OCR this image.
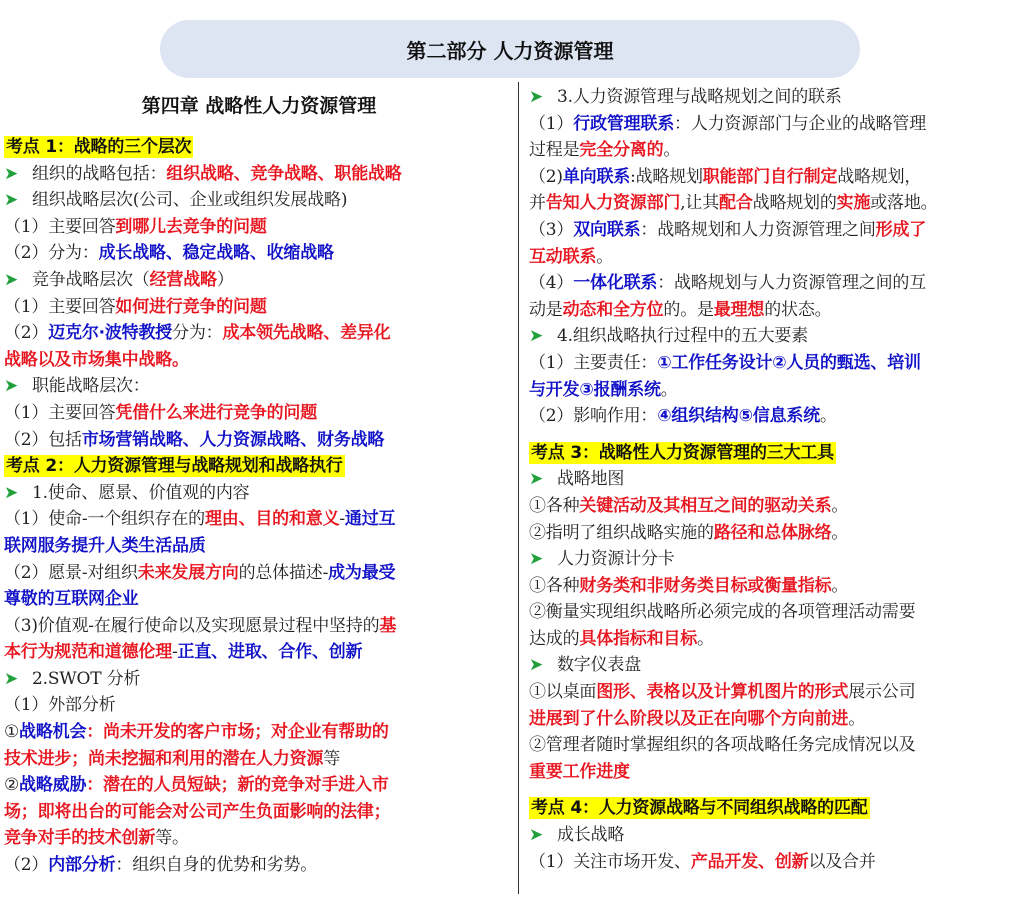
第二部分 人力资源管理
第四章 战略性人力资源管理
考点 1：战略的三个层次
➤ 组织的战略包括：组织战略、竞争战略、职能战略
➤ 组织战略层次(公司、企业或组织发展战略)
（1）主要回答到哪儿去竞争的问题
（2）分为：成长战略、稳定战略、收缩战略
➤ 竞争战略层次（经营战略）
（1）主要回答如何进行竞争的问题
（2）迈克尔·波特教授分为：成本领先战略、差异化
战略以及市场集中战略。
➤ 职能战略层次：
（1）主要回答凭借什么来进行竞争的问题
（2）包括市场营销战略、人力资源战略、财务战略
考点 2：人力资源管理与战略规划和战略执行
➤ 1.使命、愿景、价值观的内容
（1）使命-一个组织存在的理由、目的和意义-通过互
联网服务提升人类生活品质
（2）愿景-对组织未来发展方向的总体描述-成为最受
尊敬的互联网企业
（3)价值观-在履行使命以及实现愿景过程中坚持的基
本行为规范和道德伦理-正直、进取、合作、创新
➤ 2.SWOT 分析
（1）外部分析
①战略机会：尚未开发的客户市场；对企业有帮助的
技术进步；尚未挖掘和利用的潜在人力资源等
②战略威胁：潜在的人员短缺；新的竞争对手进入市
场；即将出台的可能会对公司产生负面影响的法律；
竞争对手的技术创新等。
（2）内部分析：组织自身的优势和劣势。
➤ 3.人力资源管理与战略规划之间的联系
（1）行政管理联系：人力资源部门与企业的战略管理
过程是完全分离的。
（2)单向联系:战略规划职能部门自行制定战略规划，
并告知人力资源部门,让其配合战略规划的实施或落地。
（3）双向联系：战略规划和人力资源管理之间形成了
互动联系。
（4）一体化联系：战略规划与人力资源管理之间的互
动是动态和全方位的。是最理想的状态。
➤ 4.组织战略执行过程中的五大要素
（1）主要责任：①工作任务设计②人员的甄选、培训
与开发③报酬系统。
（2）影响作用：④组织结构⑤信息系统。
考点 3：战略性人力资源管理的三大工具
➤ 战略地图
①各种关键活动及其相互之间的驱动关系。
②指明了组织战略实施的路径和总体脉络。
➤ 人力资源计分卡
①各种财务类和非财务类目标或衡量指标。
②衡量实现组织战略所必须完成的各项管理活动需要
达成的具体指标和目标。
➤ 数字仪表盘
①以桌面图形、表格以及计算机图片的形式展示公司
进展到了什么阶段以及正在向哪个方向前进。
②管理者随时掌握组织的各项战略任务完成情况以及
重要工作进度
考点 4：人力资源战略与不同组织战略的匹配
➤ 成长战略
（1）关注市场开发、产品开发、创新以及合并
